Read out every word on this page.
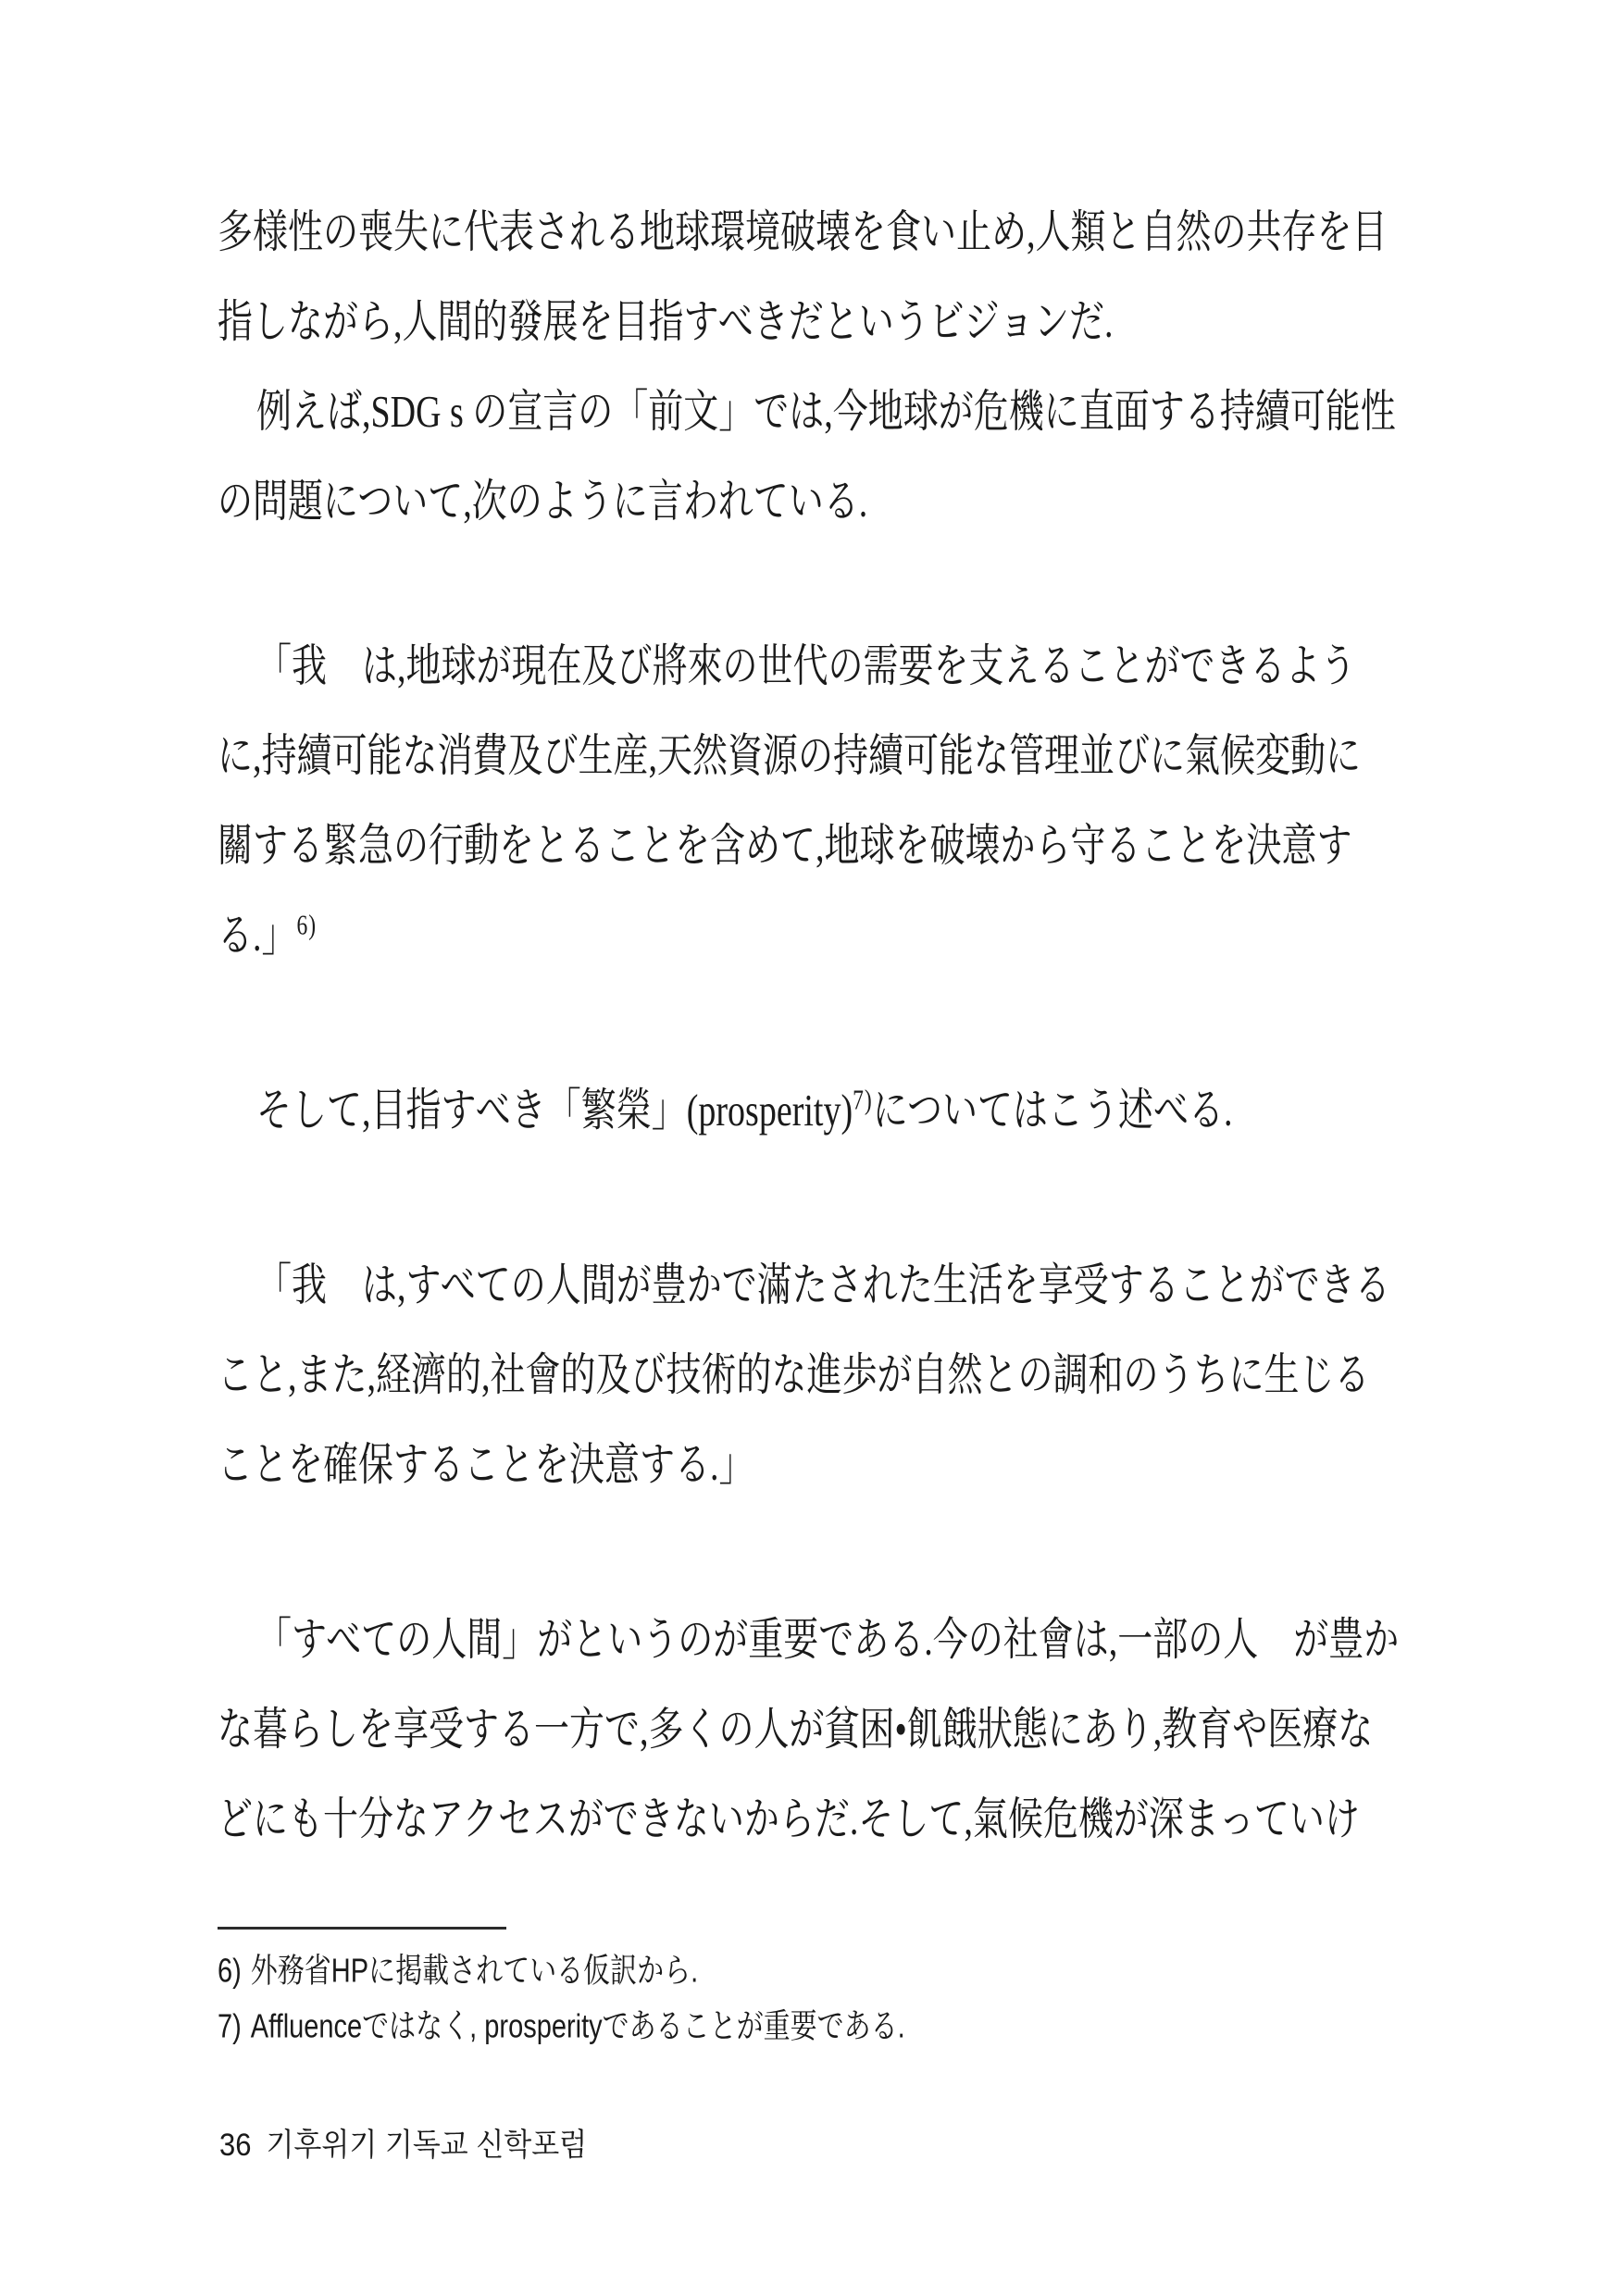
多様性の喪失に代表される地球環境破壊を食い止め,人類と自然の共存を目
指しながら,人間的發展を目指すべきだというビジョンだ.
例えば,SDG s の宣言の「前文」では,今地球が危機に直面する持續可能性
の問題について,次のように言われている.
「我　は,地球が現在及び將來の世代の需要を支えることができるよう
に,持續可能な消費及び生産,天然資源の持續可能な管理並びに氣候変動に
關する緊急の行動をとることを含めて,地球を破壊から守ることを決意す
る.」$^{6)}$
そして,目指すべき「繁榮」(prosperity)$^{7)}$についてはこう述べる.
「我　は,すべての人間が豊かで滿たされた生活を享受することができる
こと,また,経濟的,社會的及び技術的な進歩が自然との調和のうちに生じる
ことを確保することを決意する.」
「すべての人間」がというのが重要である.今の社會は,一部の人　が豊か
な暮らしを享受する一方で,多くの人が貧困•飢餓狀態にあり,教育や医療な
どにも十分なアクセスができないからだ.そして,氣候危機が深まっていけ
6) 外務省HPに掲載されている仮訳から.
7) Affluenceではなく, prosperityであることが重要である.
36 기후위기 기독교 신학포럼
